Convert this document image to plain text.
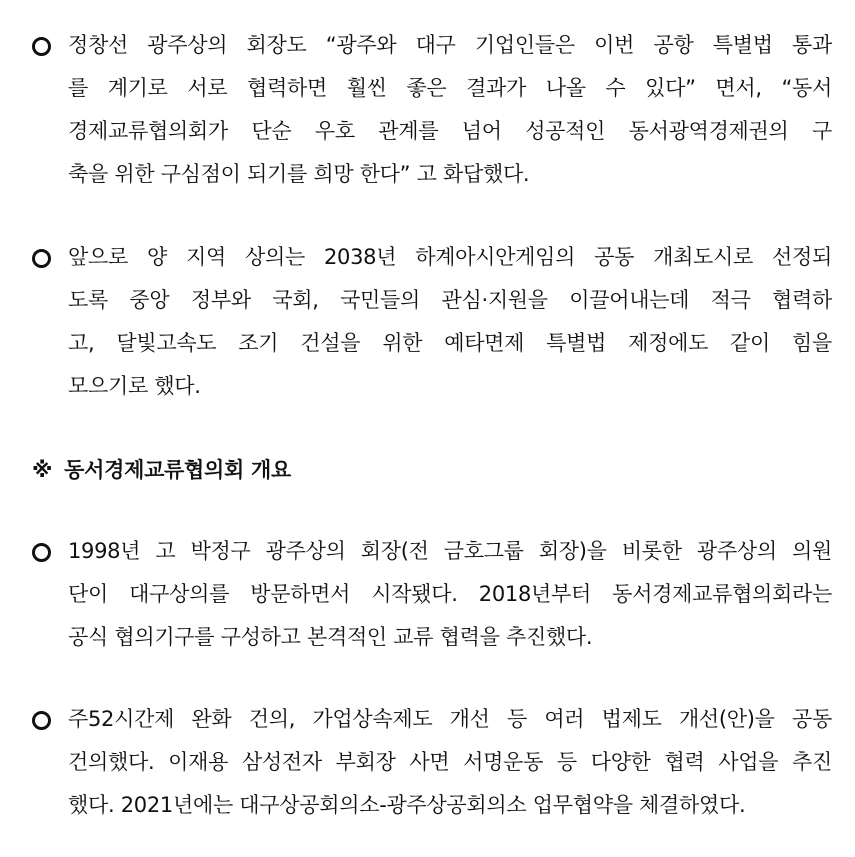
정창선 광주상의 회장도 “광주와 대구 기업인들은 이번 공항 특별법 통과
를 계기로 서로 협력하면 훨씬 좋은 결과가 나올 수 있다” 면서, “동서
경제교류협의회가 단순 우호 관계를 넘어 성공적인 동서광역경제권의 구
축을 위한 구심점이 되기를 희망 한다” 고 화답했다.
앞으로 양 지역 상의는 2038년 하계아시안게임의 공동 개최도시로 선정되
도록 중앙 정부와 국회, 국민들의 관심·지원을 이끌어내는데 적극 협력하
고, 달빛고속도 조기 건설을 위한 예타면제 특별법 제정에도 같이 힘을
모으기로 했다.
※ 동서경제교류협의회 개요
1998년 고 박정구 광주상의 회장(전 금호그룹 회장)을 비롯한 광주상의 의원
단이 대구상의를 방문하면서 시작됐다. 2018년부터 동서경제교류협의회라는
공식 협의기구를 구성하고 본격적인 교류 협력을 추진했다.
주52시간제 완화 건의, 가업상속제도 개선 등 여러 법제도 개선(안)을 공동
건의했다. 이재용 삼성전자 부회장 사면 서명운동 등 다양한 협력 사업을 추진
했다. 2021년에는 대구상공회의소-광주상공회의소 업무협약을 체결하였다.
